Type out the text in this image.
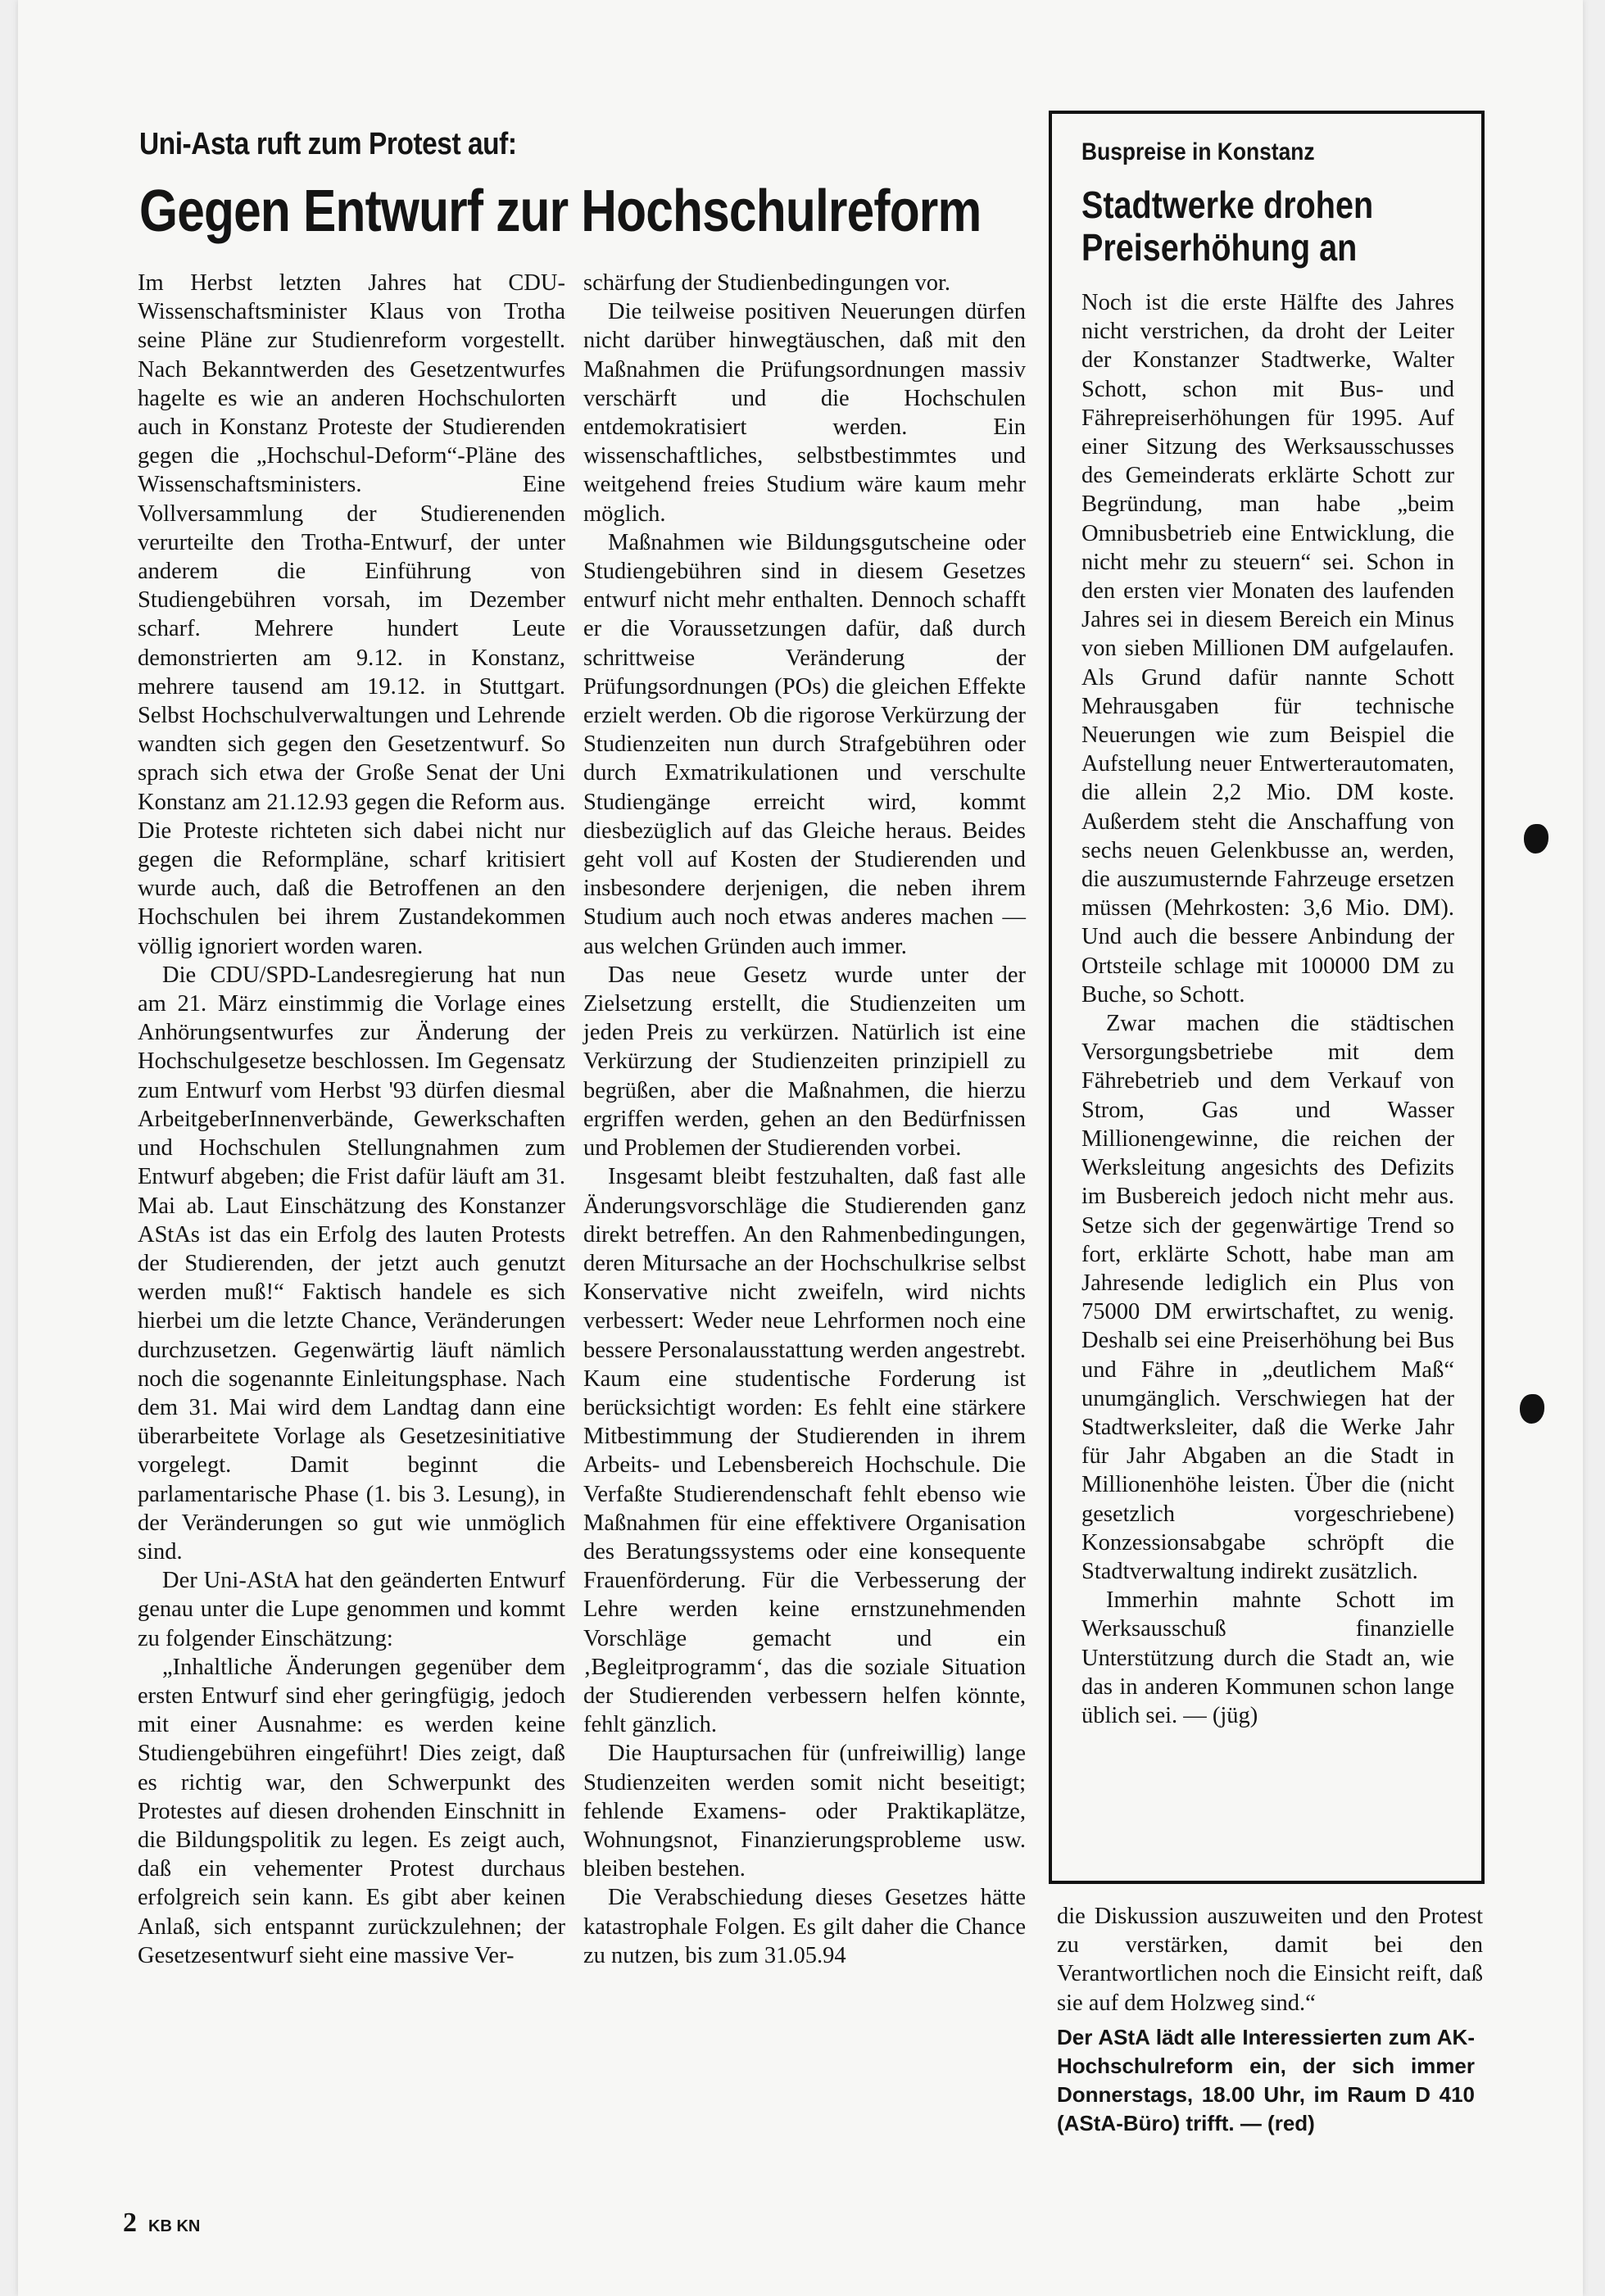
Uni-Asta ruft zum Protest auf:
Gegen Entwurf zur Hochschulreform

Im Herbst letzten Jahres hat CDU-Wissenschaftsminister Klaus von Trotha seine Pläne zur Studienreform vorgestellt. Nach Bekanntwerden des Gesetzentwurfes hagelte es wie an anderen Hochschulorten auch in Konstanz Proteste der Studierenden gegen die „Hochschul-Deform“-Pläne des Wissenschaftsministers. Eine Vollversammlung der Studierenenden verurteilte den Trotha-Entwurf, der unter anderem die Einführung von Studiengebühren vorsah, im Dezember scharf. Mehrere hundert Leute demonstrierten am 9.12. in Konstanz, mehrere tausend am 19.12. in Stuttgart. Selbst Hochschulverwaltungen und Lehrende wandten sich gegen den Gesetzentwurf. So sprach sich etwa der Große Senat der Uni Konstanz am 21.12.93 gegen die Reform aus. Die Proteste richteten sich dabei nicht nur gegen die Reformpläne, scharf kritisiert wurde auch, daß die Betroffenen an den Hochschulen bei ihrem Zustandekommen völlig ignoriert worden waren.

Die CDU/SPD-Landesregierung hat nun am 21. März einstimmig die Vorlage eines Anhörungsentwurfes zur Änderung der Hochschulgesetze beschlossen. Im Gegensatz zum Entwurf vom Herbst '93 dürfen diesmal ArbeitgeberInnenverbände, Gewerkschaften und Hochschulen Stellungnahmen zum Entwurf abgeben; die Frist dafür läuft am 31. Mai ab. Laut Einschätzung des Konstanzer AStAs ist das ein Erfolg des lauten Protests der Studierenden, der jetzt auch genutzt werden muß!“ Faktisch handele es sich hierbei um die letzte Chance, Veränderungen durchzusetzen. Gegenwärtig läuft nämlich noch die sogenannte Einleitungsphase. Nach dem 31. Mai wird dem Landtag dann eine überarbeitete Vorlage als Gesetzesinitiative vorgelegt. Damit beginnt die parlamentarische Phase (1. bis 3. Lesung), in der Veränderungen so gut wie unmöglich sind.

Der Uni-AStA hat den geänderten Entwurf genau unter die Lupe genommen und kommt zu folgender Einschätzung:

„Inhaltliche Änderungen gegenüber dem ersten Entwurf sind eher geringfügig, jedoch mit einer Ausnahme: es werden keine Studiengebühren eingeführt! Dies zeigt, daß es richtig war, den Schwerpunkt des Protestes auf diesen drohenden Einschnitt in die Bildungspolitik zu legen. Es zeigt auch, daß ein vehementer Protest durchaus erfolgreich sein kann. Es gibt aber keinen Anlaß, sich entspannt zurückzulehnen; der Gesetzesentwurf sieht eine massive Ver-

schärfung der Studienbedingungen vor.

Die teilweise positiven Neuerungen dürfen nicht darüber hinwegtäuschen, daß mit den Maßnahmen die Prüfungsordnungen massiv verschärft und die Hochschulen entdemokratisiert werden. Ein wissenschaftliches, selbstbestimmtes und weitgehend freies Studium wäre kaum mehr möglich.

Maßnahmen wie Bildungsgutscheine oder Studiengebühren sind in diesem Gesetzes entwurf nicht mehr enthalten. Dennoch schafft er die Voraussetzungen dafür, daß durch schrittweise Veränderung der Prüfungsordnungen (POs) die gleichen Effekte erzielt werden. Ob die rigorose Verkürzung der Studienzeiten nun durch Strafgebühren oder durch Exmatrikulationen und verschulte Studiengänge erreicht wird, kommt diesbezüglich auf das Gleiche heraus. Beides geht voll auf Kosten der Studierenden und insbesondere derjenigen, die neben ihrem Studium auch noch etwas anderes machen — aus welchen Gründen auch immer.

Das neue Gesetz wurde unter der Zielsetzung erstellt, die Studienzeiten um jeden Preis zu verkürzen. Natürlich ist eine Verkürzung der Studienzeiten prinzipiell zu begrüßen, aber die Maßnahmen, die hierzu ergriffen werden, gehen an den Bedürfnissen und Problemen der Studierenden vorbei.

Insgesamt bleibt festzuhalten, daß fast alle Änderungsvorschläge die Studierenden ganz direkt betreffen. An den Rahmenbedingungen, deren Mitursache an der Hochschulkrise selbst Konservative nicht zweifeln, wird nichts verbessert: Weder neue Lehrformen noch eine bessere Personalausstattung werden angestrebt. Kaum eine studentische Forderung ist berücksichtigt worden: Es fehlt eine stärkere Mitbestimmung der Studierenden in ihrem Arbeits- und Lebensbereich Hochschule. Die Verfaßte Studierendenschaft fehlt ebenso wie Maßnahmen für eine effektivere Organisation des Beratungssystems oder eine konsequente Frauenförderung. Für die Verbesserung der Lehre werden keine ernstzunehmenden Vorschläge gemacht und ein ‚Begleitprogramm‘, das die soziale Situation der Studierenden verbessern helfen könnte, fehlt gänzlich.

Die Hauptursachen für (unfreiwillig) lange Studienzeiten werden somit nicht beseitigt; fehlende Examens- oder Praktikaplätze, Wohnungsnot, Finanzierungsprobleme usw. bleiben bestehen.

Die Verabschiedung dieses Gesetzes hätte katastrophale Folgen. Es gilt daher die Chance zu nutzen, bis zum 31.05.94

Buspreise in Konstanz
Stadtwerke drohen Preiserhöhung an

Noch ist die erste Hälfte des Jahres nicht verstrichen, da droht der Leiter der Konstanzer Stadtwerke, Walter Schott, schon mit Bus- und Fährepreiserhöhungen für 1995. Auf einer Sitzung des Werksausschusses des Gemeinderats erklärte Schott zur Begründung, man habe „beim Omnibusbetrieb eine Entwicklung, die nicht mehr zu steuern“ sei. Schon in den ersten vier Monaten des laufenden Jahres sei in diesem Bereich ein Minus von sieben Millionen DM aufgelaufen. Als Grund dafür nannte Schott Mehrausgaben für technische Neuerungen wie zum Beispiel die Aufstellung neuer Entwerterautomaten, die allein 2,2 Mio. DM koste. Außerdem steht die Anschaffung von sechs neuen Gelenkbusse an, werden, die auszumusternde Fahrzeuge ersetzen müssen (Mehrkosten: 3,6 Mio. DM). Und auch die bessere Anbindung der Ortsteile schlage mit 100000 DM zu Buche, so Schott.

Zwar machen die städtischen Versorgungsbetriebe mit dem Fährebetrieb und dem Verkauf von Strom, Gas und Wasser Millionengewinne, die reichen der Werksleitung angesichts des Defizits im Busbereich jedoch nicht mehr aus. Setze sich der gegenwärtige Trend so fort, erklärte Schott, habe man am Jahresende lediglich ein Plus von 75000 DM erwirtschaftet, zu wenig. Deshalb sei eine Preiserhöhung bei Bus und Fähre in „deutlichem Maß“ unumgänglich. Verschwiegen hat der Stadtwerksleiter, daß die Werke Jahr für Jahr Abgaben an die Stadt in Millionenhöhe leisten. Über die (nicht gesetzlich vorgeschriebene) Konzessionsabgabe schröpft die Stadtverwaltung indirekt zusätzlich.

Immerhin mahnte Schott im Werksausschuß finanzielle Unterstützung durch die Stadt an, wie das in anderen Kommunen schon lange üblich sei. — (jüg)

die Diskussion auszuweiten und den Protest zu verstärken, damit bei den Verantwortlichen noch die Einsicht reift, daß sie auf dem Holzweg sind.“

Der AStA lädt alle Interessierten zum AK-Hochschulreform ein, der sich immer Donnerstags, 18.00 Uhr, im Raum D 410 (AStA-Büro) trifft. — (red)
2 KB KN
